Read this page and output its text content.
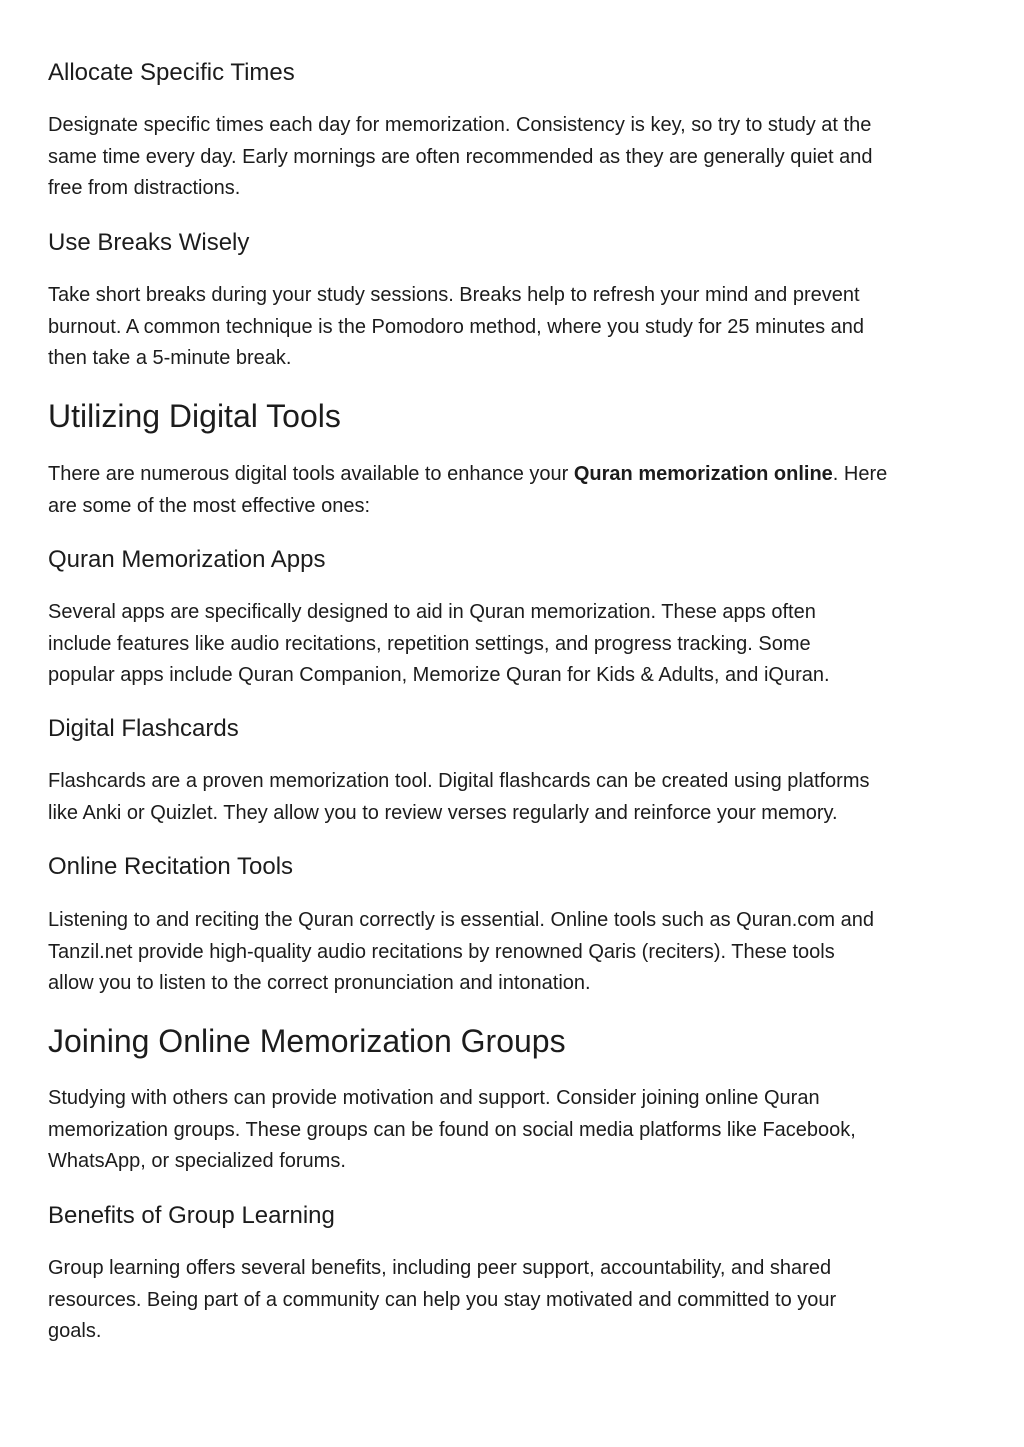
Allocate Specific Times

Designate specific times each day for memorization. Consistency is key, so try to study at the
same time every day. Early mornings are often recommended as they are generally quiet and
free from distractions.

Use Breaks Wisely

Take short breaks during your study sessions. Breaks help to refresh your mind and prevent
burnout. A common technique is the Pomodoro method, where you study for 25 minutes and
then take a 5-minute break.

Utilizing Digital Tools

There are numerous digital tools available to enhance your Quran memorization online. Here
are some of the most effective ones:

Quran Memorization Apps

Several apps are specifically designed to aid in Quran memorization. These apps often
include features like audio recitations, repetition settings, and progress tracking. Some
popular apps include Quran Companion, Memorize Quran for Kids & Adults, and iQuran.

Digital Flashcards

Flashcards are a proven memorization tool. Digital flashcards can be created using platforms
like Anki or Quizlet. They allow you to review verses regularly and reinforce your memory.

Online Recitation Tools

Listening to and reciting the Quran correctly is essential. Online tools such as Quran.com and
Tanzil.net provide high-quality audio recitations by renowned Qaris (reciters). These tools
allow you to listen to the correct pronunciation and intonation.

Joining Online Memorization Groups

Studying with others can provide motivation and support. Consider joining online Quran
memorization groups. These groups can be found on social media platforms like Facebook,
WhatsApp, or specialized forums.

Benefits of Group Learning

Group learning offers several benefits, including peer support, accountability, and shared
resources. Being part of a community can help you stay motivated and committed to your
goals.
